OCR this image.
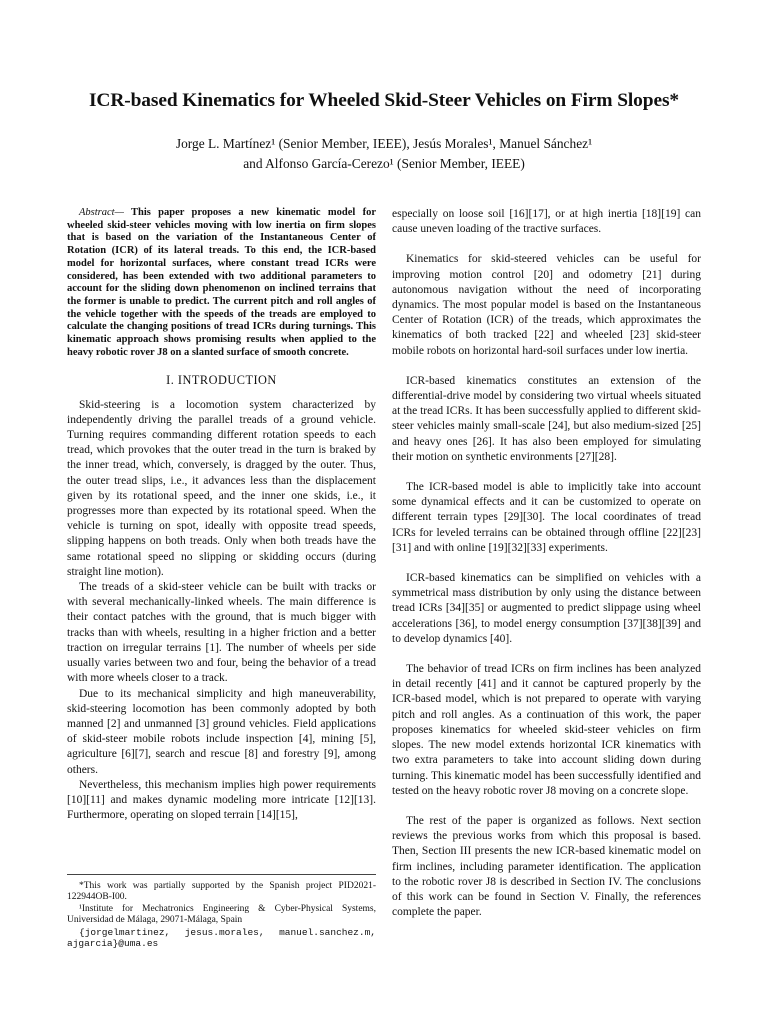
ICR-based Kinematics for Wheeled Skid-Steer Vehicles on Firm Slopes*
Jorge L. Martínez¹ (Senior Member, IEEE), Jesús Morales¹, Manuel Sánchez¹
and Alfonso García-Cerezo¹ (Senior Member, IEEE)

Abstract— This paper proposes a new kinematic model for wheeled skid-steer vehicles moving with low inertia on firm slopes that is based on the variation of the Instantaneous Center of Rotation (ICR) of its lateral treads. To this end, the ICR-based model for horizontal surfaces, where constant tread ICRs were considered, has been extended with two additional parameters to account for the sliding down phenomenon on inclined terrains that the former is unable to predict. The current pitch and roll angles of the vehicle together with the speeds of the treads are employed to calculate the changing positions of tread ICRs during turnings. This kinematic approach shows promising results when applied to the heavy robotic rover J8 on a slanted surface of smooth concrete.

I. INTRODUCTION

Skid-steering is a locomotion system characterized by independently driving the parallel treads of a ground vehicle. Turning requires commanding different rotation speeds to each tread, which provokes that the outer tread in the turn is braked by the inner tread, which, conversely, is dragged by the outer. Thus, the outer tread slips, i.e., it advances less than the displacement given by its rotational speed, and the inner one skids, i.e., it progresses more than expected by its rotational speed. When the vehicle is turning on spot, ideally with opposite tread speeds, slipping happens on both treads. Only when both treads have the same rotational speed no slipping or skidding occurs (during straight line motion).

The treads of a skid-steer vehicle can be built with tracks or with several mechanically-linked wheels. The main difference is their contact patches with the ground, that is much bigger with tracks than with wheels, resulting in a higher friction and a better traction on irregular terrains [1]. The number of wheels per side usually varies between two and four, being the behavior of a tread with more wheels closer to a track.

Due to its mechanical simplicity and high maneuverability, skid-steering locomotion has been commonly adopted by both manned [2] and unmanned [3] ground vehicles. Field applications of skid-steer mobile robots include inspection [4], mining [5], agriculture [6][7], search and rescue [8] and forestry [9], among others.

Nevertheless, this mechanism implies high power requirements [10][11] and makes dynamic modeling more intricate [12][13]. Furthermore, operating on sloped terrain [14][15],

*This work was partially supported by the Spanish project PID2021-122944OB-I00.

¹Institute for Mechatronics Engineering & Cyber-Physical Systems, Universidad de Málaga, 29071-Málaga, Spain

{jorgelmartinez, jesus.morales, manuel.sanchez.m, ajgarcia}@uma.es

especially on loose soil [16][17], or at high inertia [18][19] can cause uneven loading of the tractive surfaces.

Kinematics for skid-steered vehicles can be useful for improving motion control [20] and odometry [21] during autonomous navigation without the need of incorporating dynamics. The most popular model is based on the Instantaneous Center of Rotation (ICR) of the treads, which approximates the kinematics of both tracked [22] and wheeled [23] skid-steer mobile robots on horizontal hard-soil surfaces under low inertia.

ICR-based kinematics constitutes an extension of the differential-drive model by considering two virtual wheels situated at the tread ICRs. It has been successfully applied to different skid-steer vehicles mainly small-scale [24], but also medium-sized [25] and heavy ones [26]. It has also been employed for simulating their motion on synthetic environments [27][28].

The ICR-based model is able to implicitly take into account some dynamical effects and it can be customized to operate on different terrain types [29][30]. The local coordinates of tread ICRs for leveled terrains can be obtained through offline [22][23][31] and with online [19][32][33] experiments.

ICR-based kinematics can be simplified on vehicles with a symmetrical mass distribution by only using the distance between tread ICRs [34][35] or augmented to predict slippage using wheel accelerations [36], to model energy consumption [37][38][39] and to develop dynamics [40].

The behavior of tread ICRs on firm inclines has been analyzed in detail recently [41] and it cannot be captured properly by the ICR-based model, which is not prepared to operate with varying pitch and roll angles. As a continuation of this work, the paper proposes kinematics for wheeled skid-steer vehicles on firm slopes. The new model extends horizontal ICR kinematics with two extra parameters to take into account sliding down during turning. This kinematic model has been successfully identified and tested on the heavy robotic rover J8 moving on a concrete slope.

The rest of the paper is organized as follows. Next section reviews the previous works from which this proposal is based. Then, Section III presents the new ICR-based kinematic model on firm inclines, including parameter identification. The application to the robotic rover J8 is described in Section IV. The conclusions of this work can be found in Section V. Finally, the references complete the paper.
